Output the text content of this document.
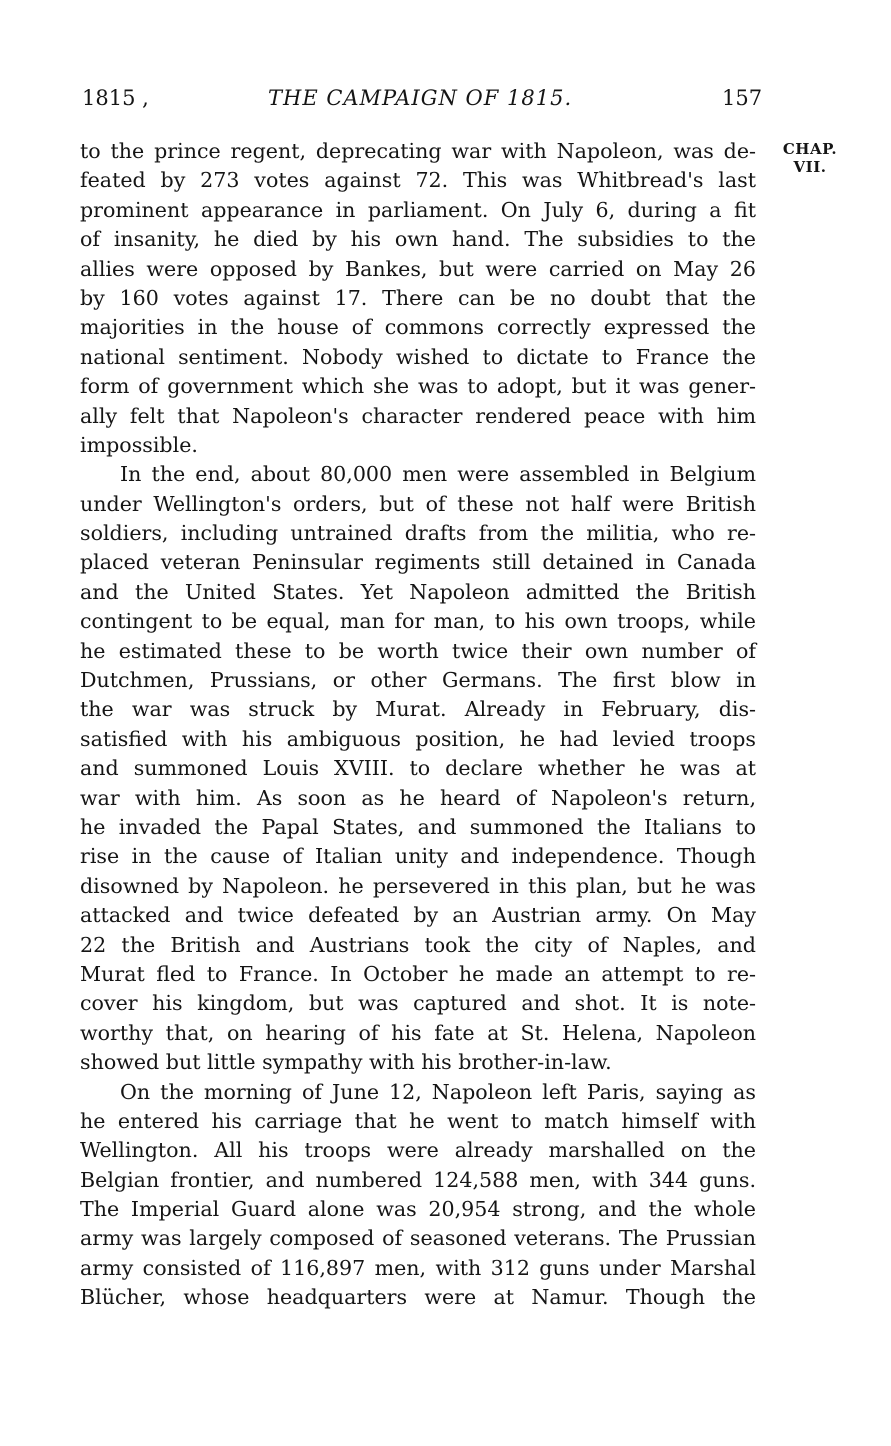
1815 ,	THE CAMPAIGN OF 1815.	157
CHAP.
VII.
to the prince regent, deprecating war with Napoleon, was de-
feated by 273 votes against 72. This was Whitbread's last
prominent appearance in parliament. On July 6, during a fit
of insanity, he died by his own hand. The subsidies to the
allies were opposed by Bankes, but were carried on May 26
by 160 votes against 17. There can be no doubt that the
majorities in the house of commons correctly expressed the
national sentiment. Nobody wished to dictate to France the
form of government which she was to adopt, but it was gener-
ally felt that Napoleon's character rendered peace with him
impossible.
In the end, about 80,000 men were assembled in Belgium
under Wellington's orders, but of these not half were British
soldiers, including untrained drafts from the militia, who re-
placed veteran Peninsular regiments still detained in Canada
and the United States. Yet Napoleon admitted the British
contingent to be equal, man for man, to his own troops, while
he estimated these to be worth twice their own number of
Dutchmen, Prussians, or other Germans. The first blow in
the war was struck by Murat. Already in February, dis-
satisfied with his ambiguous position, he had levied troops
and summoned Louis XVIII. to declare whether he was at
war with him. As soon as he heard of Napoleon's return,
he invaded the Papal States, and summoned the Italians to
rise in the cause of Italian unity and independence. Though
disowned by Napoleon. he persevered in this plan, but he was
attacked and twice defeated by an Austrian army. On May
22 the British and Austrians took the city of Naples, and
Murat fled to France. In October he made an attempt to re-
cover his kingdom, but was captured and shot. It is note-
worthy that, on hearing of his fate at St. Helena, Napoleon
showed but little sympathy with his brother-in-law.
On the morning of June 12, Napoleon left Paris, saying as
he entered his carriage that he went to match himself with
Wellington. All his troops were already marshalled on the
Belgian frontier, and numbered 124,588 men, with 344 guns.
The Imperial Guard alone was 20,954 strong, and the whole
army was largely composed of seasoned veterans. The Prussian
army consisted of 116,897 men, with 312 guns under Marshal
Blücher, whose headquarters were at Namur. Though the
